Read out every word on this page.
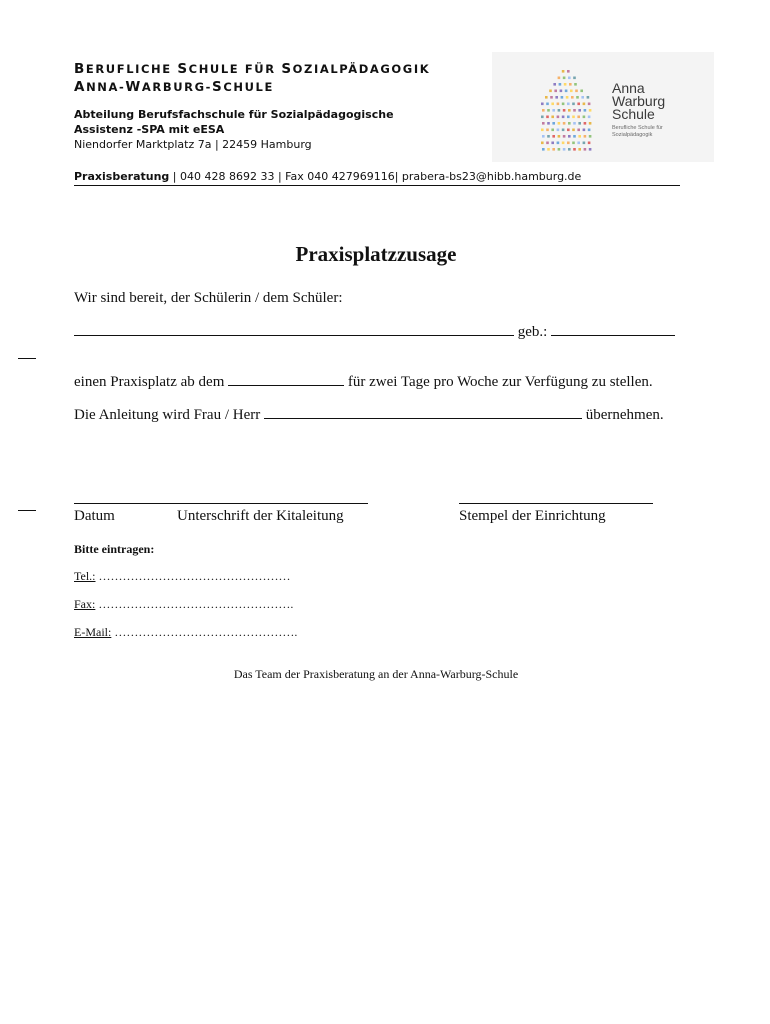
BERUFLICHE SCHULE FÜR SOZIALPÄDAGOGIK
ANNA-WARBURG-SCHULE
Abteilung Berufsfachschule für Sozialpädagogische
Assistenz -SPA mit eESA
Niendorfer Marktplatz 7a | 22459 Hamburg
Praxisberatung | 040 428 8692 33 | Fax 040 427969116| prabera-bs23@hibb.hamburg.de
Anna
Warburg
Schule
Berufliche Schule für
Sozialpädagogik
Praxisplatzzusage
Wir sind bereit, der Schülerin / dem Schüler:
geb.:
einen Praxisplatz ab dem	für zwei Tage pro Woche zur Verfügung zu stellen.
Die Anleitung wird Frau / Herr	übernehmen.
Datum	Unterschrift der Kitaleitung	Stempel der Einrichtung
Bitte eintragen:
Tel.: …………………………………………
Fax: ………………………………………….
E-Mail: ……………………………………….
Das Team der Praxisberatung an der Anna-Warburg-Schule
